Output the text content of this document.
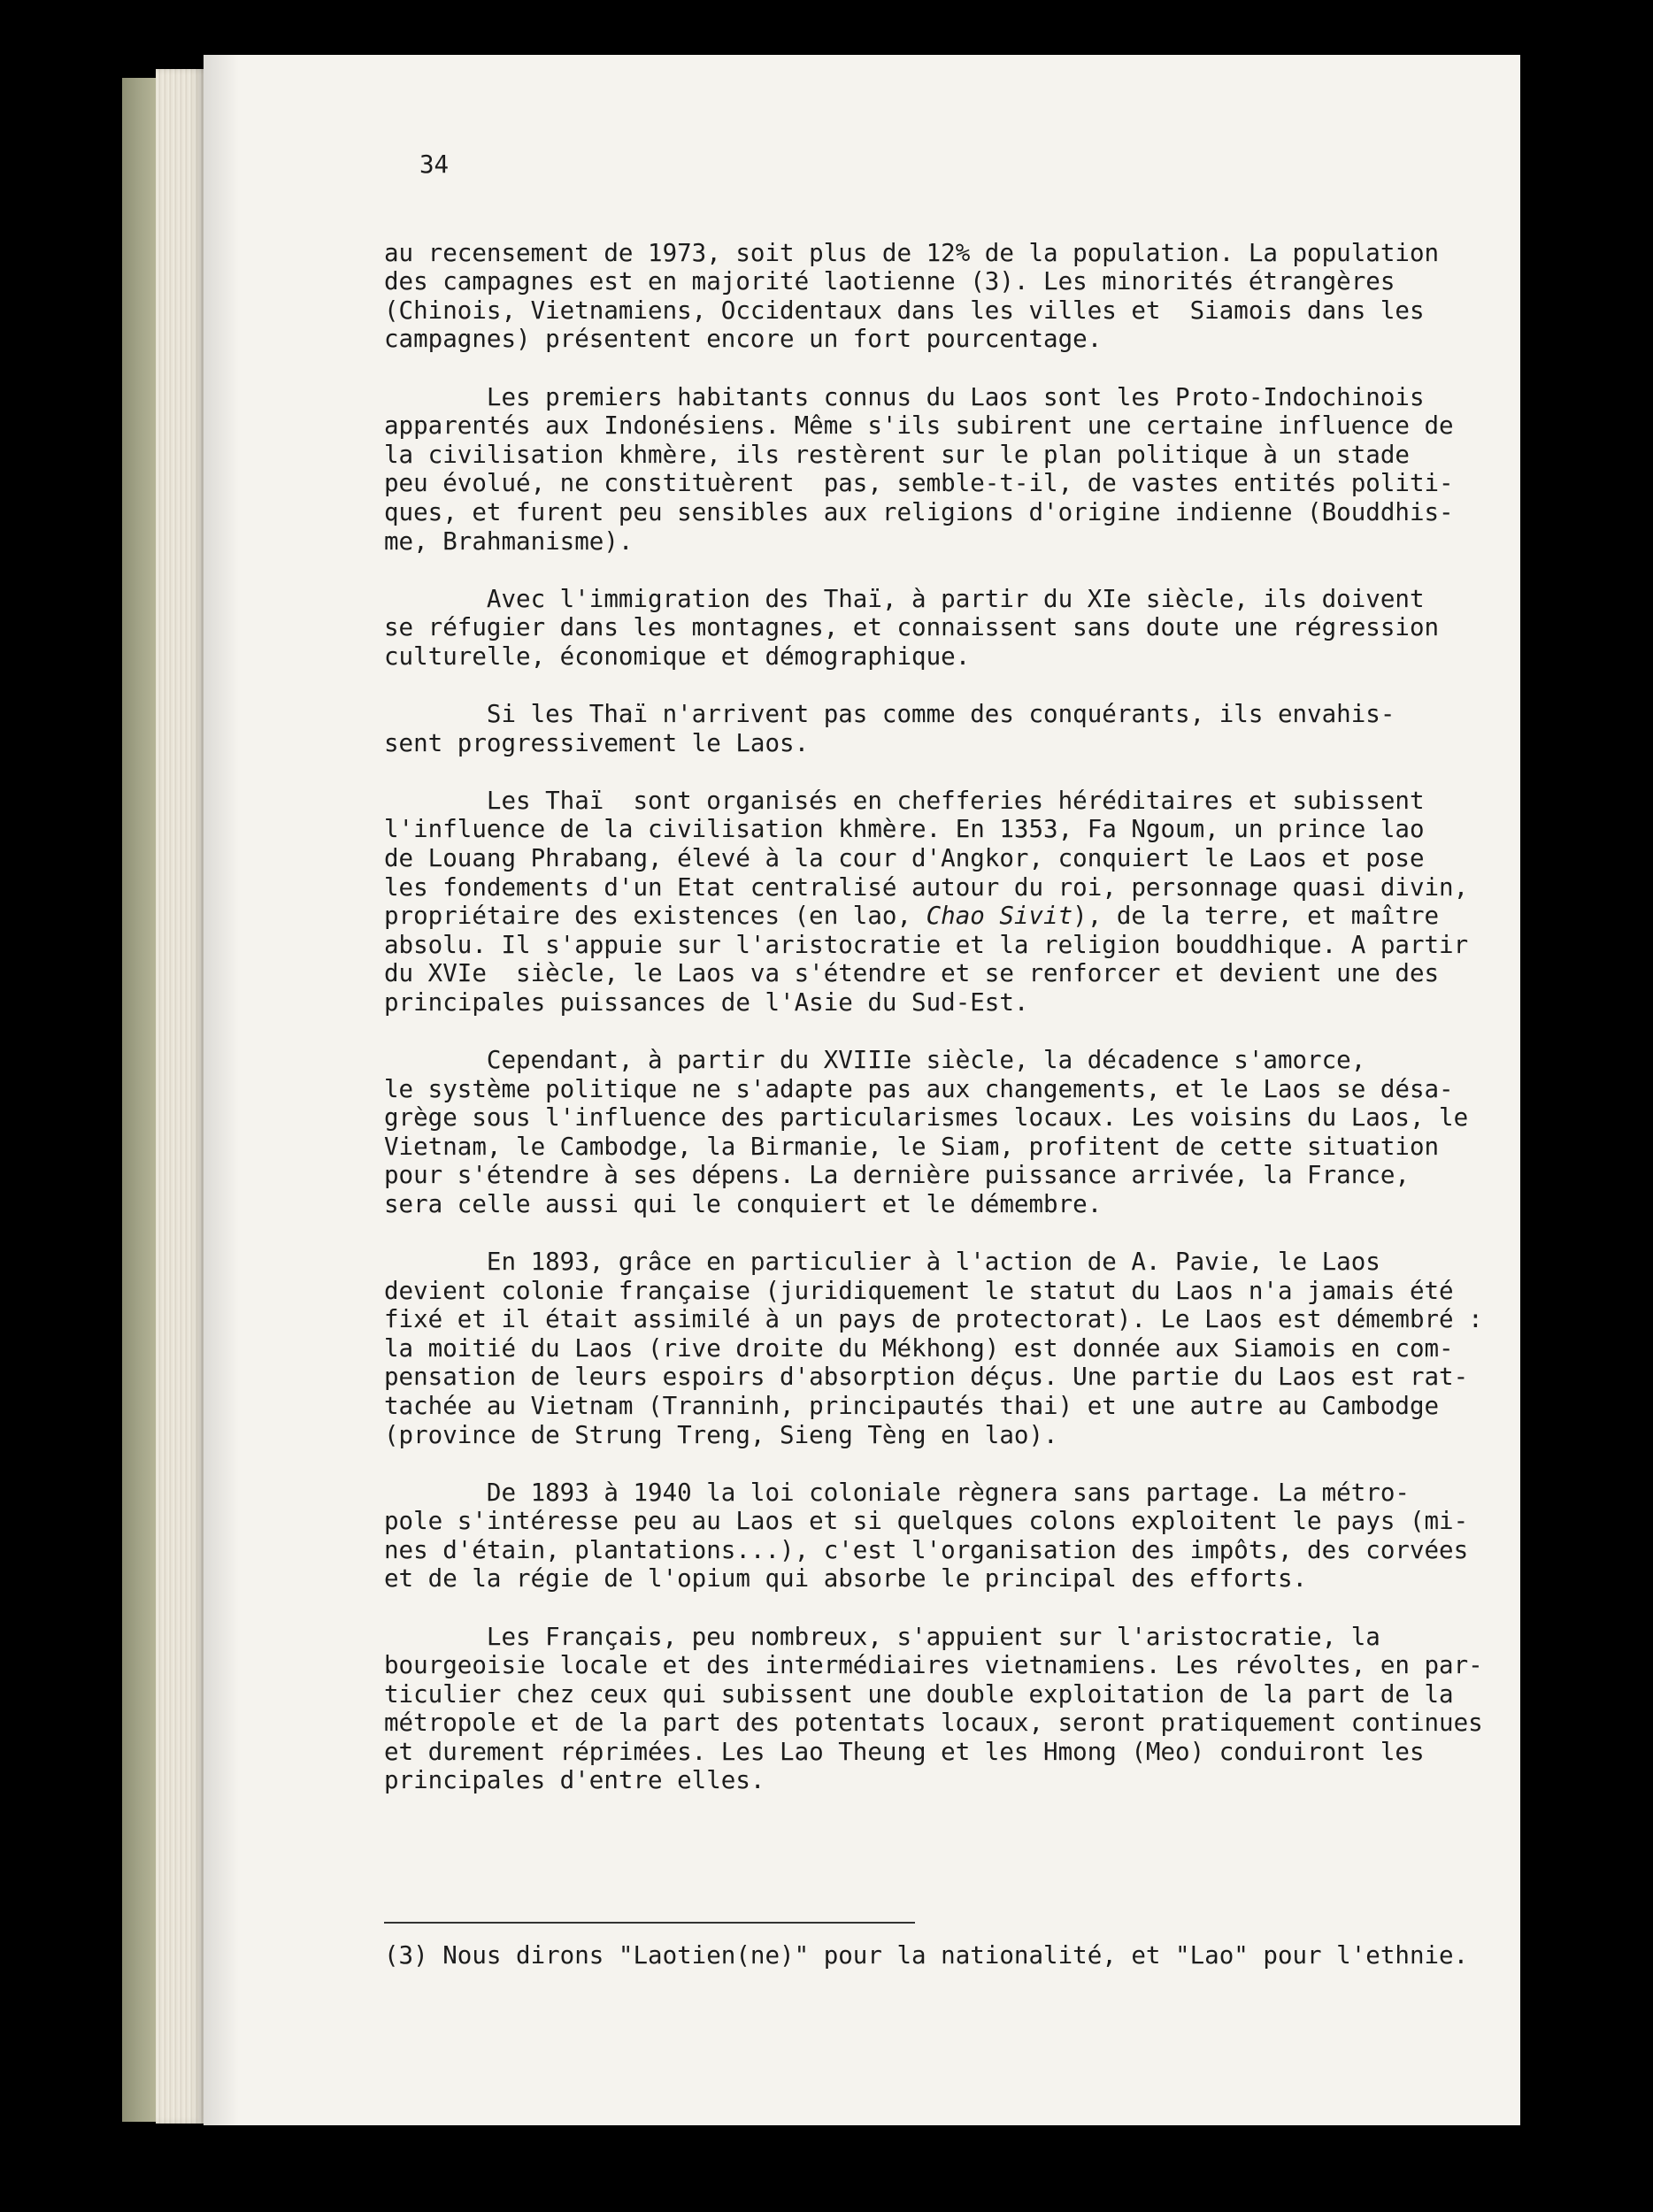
34
au recensement de 1973, soit plus de 12% de la population. La population
des campagnes est en majorité laotienne (3). Les minorités étrangères
(Chinois, Vietnamiens, Occidentaux dans les villes et  Siamois dans les
campagnes) présentent encore un fort pourcentage.
Les premiers habitants connus du Laos sont les Proto-Indochinois
apparentés aux Indonésiens. Même s'ils subirent une certaine influence de
la civilisation khmère, ils restèrent sur le plan politique à un stade
peu évolué, ne constituèrent  pas, semble-t-il, de vastes entités politi-
ques, et furent peu sensibles aux religions d'origine indienne (Bouddhis-
me, Brahmanisme).
Avec l'immigration des Thaï, à partir du XIe siècle, ils doivent
se réfugier dans les montagnes, et connaissent sans doute une régression
culturelle, économique et démographique.
Si les Thaï n'arrivent pas comme des conquérants, ils envahis-
sent progressivement le Laos.
Les Thaï  sont organisés en chefferies héréditaires et subissent
l'influence de la civilisation khmère. En 1353, Fa Ngoum, un prince lao
de Louang Phrabang, élevé à la cour d'Angkor, conquiert le Laos et pose
les fondements d'un Etat centralisé autour du roi, personnage quasi divin,
propriétaire des existences (en lao, Chao Sivit), de la terre, et maître
absolu. Il s'appuie sur l'aristocratie et la religion bouddhique. A partir
du XVIe  siècle, le Laos va s'étendre et se renforcer et devient une des
principales puissances de l'Asie du Sud-Est.
Cependant, à partir du XVIIIe siècle, la décadence s'amorce,
le système politique ne s'adapte pas aux changements, et le Laos se désa-
grège sous l'influence des particularismes locaux. Les voisins du Laos, le
Vietnam, le Cambodge, la Birmanie, le Siam, profitent de cette situation
pour s'étendre à ses dépens. La dernière puissance arrivée, la France,
sera celle aussi qui le conquiert et le démembre.
En 1893, grâce en particulier à l'action de A. Pavie, le Laos
devient colonie française (juridiquement le statut du Laos n'a jamais été
fixé et il était assimilé à un pays de protectorat). Le Laos est démembré :
la moitié du Laos (rive droite du Mékhong) est donnée aux Siamois en com-
pensation de leurs espoirs d'absorption déçus. Une partie du Laos est rat-
tachée au Vietnam (Tranninh, principautés thai) et une autre au Cambodge
(province de Strung Treng, Sieng Tèng en lao).
De 1893 à 1940 la loi coloniale règnera sans partage. La métro-
pole s'intéresse peu au Laos et si quelques colons exploitent le pays (mi-
nes d'étain, plantations...), c'est l'organisation des impôts, des corvées
et de la régie de l'opium qui absorbe le principal des efforts.
Les Français, peu nombreux, s'appuient sur l'aristocratie, la
bourgeoisie locale et des intermédiaires vietnamiens. Les révoltes, en par-
ticulier chez ceux qui subissent une double exploitation de la part de la
métropole et de la part des potentats locaux, seront pratiquement continues
et durement réprimées. Les Lao Theung et les Hmong (Meo) conduiront les
principales d'entre elles.
(3) Nous dirons "Laotien(ne)" pour la nationalité, et "Lao" pour l'ethnie.
